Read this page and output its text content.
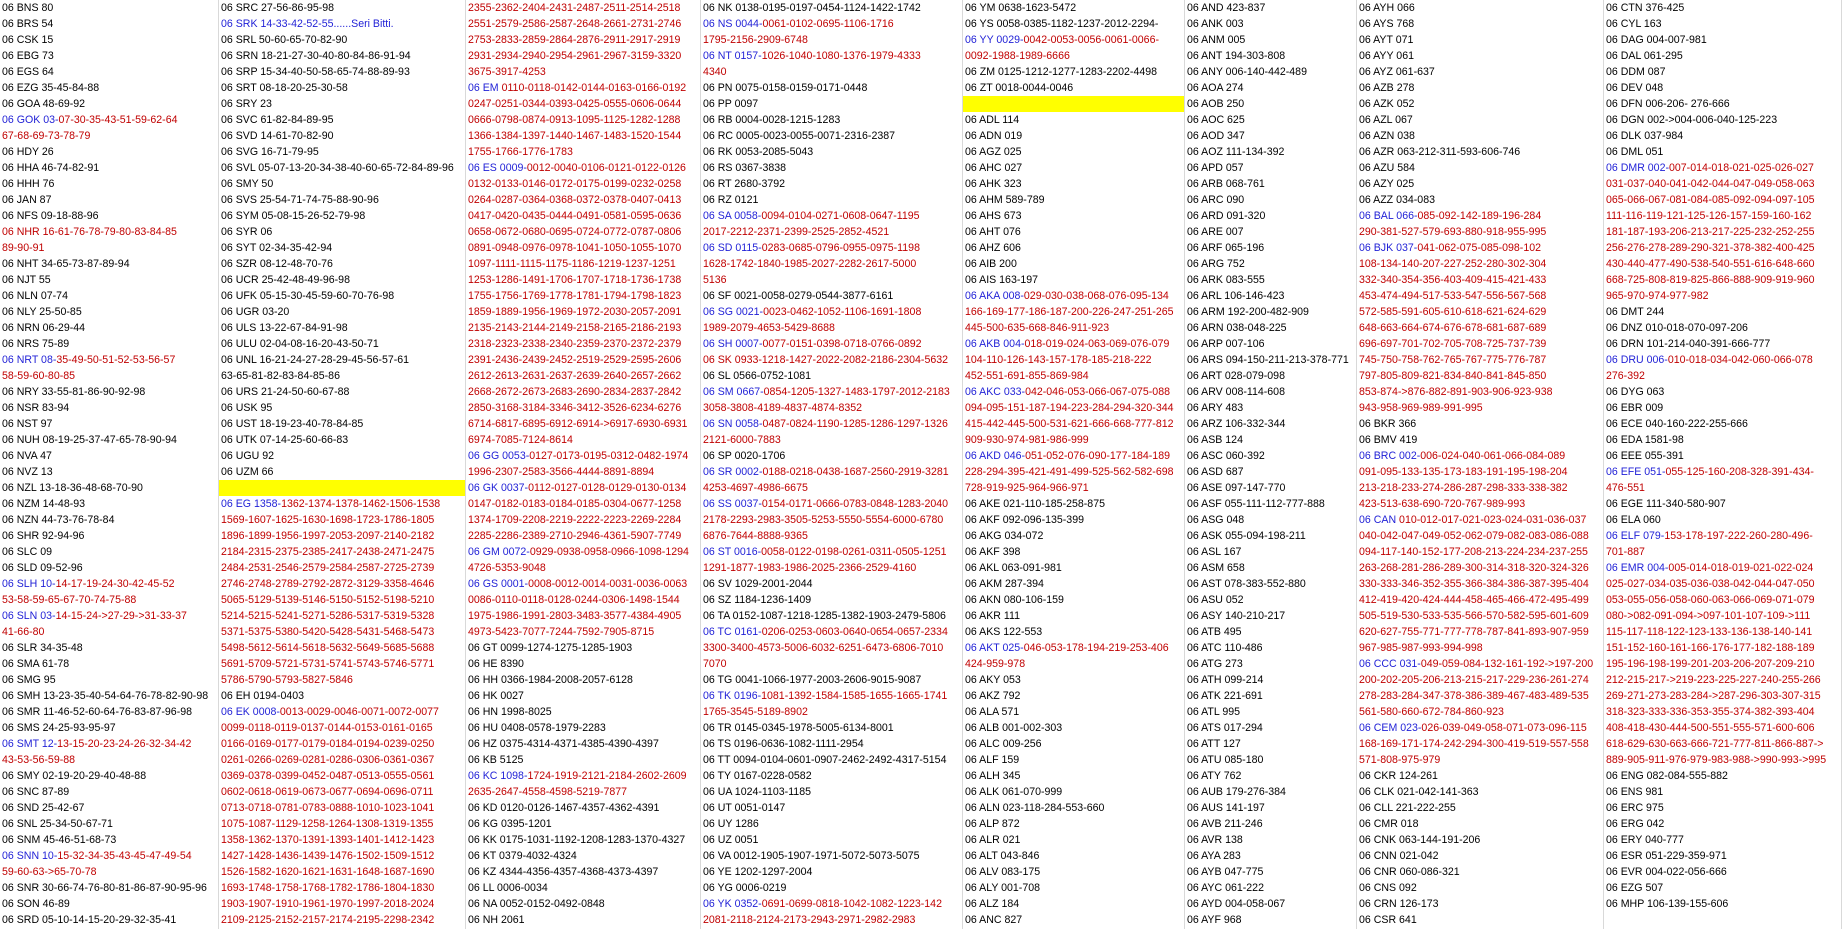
06 BNS 80
06 BRS 54
06 CSK 15
06 EBG 73
06 EGS 64
06 EZG 35-45-84-88
06 GOA 48-69-92
06 GOK 03-07-30-35-43-51-59-62-64
67-68-69-73-78-79
06 HDY 26
06 HHA 46-74-82-91
06 HHH 76
06 JAN 87
06 NFS 09-18-88-96
06 NHR 16-61-76-78-79-80-83-84-85
89-90-91
06 NHT 34-65-73-87-89-94
06 NJT 55
06 NLN 07-74
06 NLY 25-50-85
06 NRN 06-29-44
06 NRS 75-89
06 NRT 08-35-49-50-51-52-53-56-57
58-59-60-80-85
06 NRY 33-55-81-86-90-92-98
06 NSR 83-94
06 NST 97
06 NUH 08-19-25-37-47-65-78-90-94
06 NVA 47
06 NVZ 13
06 NZL 13-18-36-48-68-70-90
06 NZM 14-48-93
06 NZN 44-73-76-78-84
06 SHR 92-94-96
06 SLC 09
06 SLD 09-52-96
06 SLH 10-14-17-19-24-30-42-45-52
53-58-59-65-67-70-74-75-88
06 SLN 03-14-15-24->27-29->31-33-37
41-66-80
06 SLR 34-35-48
06 SMA 61-78
06 SMG 95
06 SMH 13-23-35-40-54-64-76-78-82-90-98
06 SMR 11-46-52-60-64-76-83-87-96-98
06 SMS 24-25-93-95-97
06 SMT 12-13-15-20-23-24-26-32-34-42
43-53-56-59-88
06 SMY 02-19-20-29-40-48-88
06 SNC 87-89
06 SND 25-42-67
06 SNL 25-34-50-67-71
06 SNM 45-46-51-68-73
06 SNN 10-15-32-34-35-43-45-47-49-54
59-60-63->65-70-78
06 SNR 30-66-74-76-80-81-86-87-90-95-96
06 SON 46-89
06 SRD 05-10-14-15-20-29-32-35-41
06 SRC 27-56-86-95-98
06 SRK 14-33-42-52-55......Seri Bitti.
06 SRL 50-60-65-70-82-90
06 SRN 18-21-27-30-40-80-84-86-91-94
06 SRP 15-34-40-50-58-65-74-88-89-93
06 SRT 08-18-20-25-30-58
06 SRY 23
06 SVC 61-82-84-89-95
06 SVD 14-61-70-82-90
06 SVG 16-71-79-95
06 SVL 05-07-13-20-34-38-40-60-65-72-84-89-96
06 SMY 50
06 SVS 25-54-71-74-75-88-90-96
06 SYM 05-08-15-26-52-79-98
06 SYR 06
06 SYT 02-34-35-42-94
06 SZR 08-12-48-70-76
06 UCR 25-42-48-49-96-98
06 UFK 05-15-30-45-59-60-70-76-98
06 UGR 03-20
06 ULS 13-22-67-84-91-98
06 ULU 02-04-08-16-20-43-50-71
06 UNL 16-21-24-27-28-29-45-56-57-61
63-65-81-82-83-84-85-86
06 URS 21-24-50-60-67-88
06 USK 95
06 UST 18-19-23-40-78-84-85
06 UTK 07-14-25-60-66-83
06 UGU 92
06 UZM 66
06 EG 1358-1362-1374-1378-1462-1506-1538
1569-1607-1625-1630-1698-1723-1786-1805
1896-1899-1956-1997-2053-2097-2140-2182
2184-2315-2375-2385-2417-2438-2471-2475
2484-2531-2546-2579-2584-2587-2725-2739
2746-2748-2789-2792-2872-3129-3358-4646
5065-5129-5139-5146-5150-5152-5198-5210
5214-5215-5241-5271-5286-5317-5319-5328
5371-5375-5380-5420-5428-5431-5468-5473
5498-5612-5614-5618-5632-5649-5685-5688
5691-5709-5721-5731-5741-5743-5746-5771
5786-5790-5793-5827-5846
06 EH 0194-0403
06 EK 0008-0013-0029-0046-0071-0072-0077
0099-0118-0119-0137-0144-0153-0161-0165
0166-0169-0177-0179-0184-0194-0239-0250
0261-0266-0269-0281-0286-0306-0361-0367
0369-0378-0399-0452-0487-0513-0555-0561
0602-0618-0619-0673-0677-0694-0696-0711
0713-0718-0781-0783-0888-1010-1023-1041
1075-1087-1129-1258-1264-1308-1319-1355
1358-1362-1370-1391-1393-1401-1412-1423
1427-1428-1436-1439-1476-1502-1509-1512
1526-1582-1620-1621-1631-1648-1687-1690
1693-1748-1758-1768-1782-1786-1804-1830
1903-1907-1910-1961-1970-1997-2018-2024
2109-2125-2152-2157-2174-2195-2298-2342
2355-2362-2404-2431-2487-2511-2514-2518
2551-2579-2586-2587-2648-2661-2731-2746
2753-2833-2859-2864-2876-2911-2917-2919
2931-2934-2940-2954-2961-2967-3159-3320
3675-3917-4253
06 EM 0110-0118-0142-0144-0163-0166-0192
0247-0251-0344-0393-0425-0555-0606-0644
0666-0798-0874-0913-1095-1125-1282-1288
1366-1384-1397-1440-1467-1483-1520-1544
1755-1766-1776-1783
06 ES 0009-0012-0040-0106-0121-0122-0126
0132-0133-0146-0172-0175-0199-0232-0258
0264-0287-0364-0368-0372-0378-0407-0413
0417-0420-0435-0444-0491-0581-0595-0636
0658-0672-0680-0695-0724-0772-0787-0806
0891-0948-0976-0978-1041-1050-1055-1070
1097-1111-1115-1175-1186-1219-1237-1251
1253-1286-1491-1706-1707-1718-1736-1738
1755-1756-1769-1778-1781-1794-1798-1823
1859-1889-1956-1969-1972-2030-2057-2091
2135-2143-2144-2149-2158-2165-2186-2193
2318-2323-2338-2340-2359-2370-2372-2379
2391-2436-2439-2452-2519-2529-2595-2606
2612-2613-2631-2637-2639-2640-2657-2662
2668-2672-2673-2683-2690-2834-2837-2842
2850-3168-3184-3346-3412-3526-6234-6276
6714-6817-6895-6912-6914->6917-6930-6931
6974-7085-7124-8614
06 GG 0053-0127-0173-0195-0312-0482-1974
1996-2307-2583-3566-4444-8891-8894
06 GK 0037-0112-0127-0128-0129-0130-0134
0147-0182-0183-0184-0185-0304-0677-1258
1374-1709-2208-2219-2222-2223-2269-2284
2285-2286-2389-2710-2946-4361-5907-7749
06 GM 0072-0929-0938-0958-0966-1098-1294
4726-5353-9048
06 GS 0001-0008-0012-0014-0031-0036-0063
0086-0110-0118-0128-0244-0306-1498-1544
1975-1986-1991-2803-3483-3577-4384-4905
4973-5423-7077-7244-7592-7905-8715
06 GT 0099-1274-1275-1285-1903
06 HE 8390
06 HH 0366-1984-2008-2057-6128
06 HK 0027
06 HN 1998-8025
06 HU 0408-0578-1979-2283
06 HZ 0375-4314-4371-4385-4390-4397
06 KB 5125
06 KC 1098-1724-1919-2121-2184-2602-2609
2635-2647-4558-4598-5219-7877
06 KD 0120-0126-1467-4357-4362-4391
06 KG 0395-1201
06 KK 0175-1031-1192-1208-1283-1370-4327
06 KT 0379-4032-4324
06 KZ 4344-4356-4357-4368-4373-4397
06 LL 0006-0034
06 NA 0052-0152-0492-0848
06 NH 2061
06 NK 0138-0195-0197-0454-1124-1422-1742
06 NS 0044-0061-0102-0695-1106-1716
1795-2156-2909-6748
06 NT 0157-1026-1040-1080-1376-1979-4333
4340
06 PN 0075-0158-0159-0171-0448
06 PP 0097
06 RB 0004-0028-1215-1283
06 RC 0005-0023-0055-0071-2316-2387
06 RK 0053-2085-5043
06 RS 0367-3838
06 RT 2680-3792
06 RZ 0121
06 SA 0058-0094-0104-0271-0608-0647-1195
2017-2212-2371-2399-2525-2852-4521
06 SD 0115-0283-0685-0796-0955-0975-1198
1628-1742-1840-1985-2027-2282-2617-5000
5136
06 SF 0021-0058-0279-0544-3877-6161
06 SG 0021-0023-0462-1052-1106-1691-1808
1989-2079-4653-5429-8688
06 SH 0007-0077-0151-0398-0718-0766-0892
06 SK 0933-1218-1427-2022-2082-2186-2304-5632
06 SL 0566-0752-1081
06 SM 0667-0854-1205-1327-1483-1797-2012-2183
3058-3808-4189-4837-4874-8352
06 SN 0058-0487-0824-1190-1285-1286-1297-1326
2121-6000-7883
06 SP 0020-1706
06 SR 0002-0188-0218-0438-1687-2560-2919-3281
4253-4697-4986-6675
06 SS 0037-0154-0171-0666-0783-0848-1283-2040
2178-2293-2983-3505-5253-5550-5554-6000-6780
6876-7644-8888-9365
06 ST 0016-0058-0122-0198-0261-0311-0505-1251
1291-1877-1983-1986-2025-2366-2529-4160
06 SV 1029-2001-2044
06 SZ 1184-1236-1409
06 TA 0152-1087-1218-1285-1382-1903-2479-5806
06 TC 0161-0206-0253-0603-0640-0654-0657-2334
3300-3400-4573-5006-6032-6251-6473-6806-7010
7070
06 TG 0041-1066-1977-2003-2606-9015-9087
06 TK 0196-1081-1392-1584-1585-1655-1665-1741
1765-3545-5189-8902
06 TR 0145-0345-1978-5005-6134-8001
06 TS 0196-0636-1082-1111-2954
06 TT 0094-0104-0601-0907-2462-2492-4317-5154
06 TY 0167-0228-0582
06 UA 1024-1103-1185
06 UT 0051-0147
06 UY 1286
06 UZ 0051
06 VA 0012-1905-1907-1971-5072-5073-5075
06 YE 1202-1297-2004
06 YG 0006-0219
06 YK 0352-0691-0699-0818-1042-1082-1223-142
2081-2118-2124-2173-2943-2971-2982-2983
06 YM 0638-1623-5472
06 YS 0058-0385-1182-1237-2012-2294-
06 YY 0029-0042-0053-0056-0061-0066-
0092-1988-1989-6666
06 ZM 0125-1212-1277-1283-2202-4498
06 ZT 0018-0044-0046
06 ADL 114
06 ADN 019
06 AGZ 025
06 AHC 027
06 AHK 323
06 AHM 589-789
06 AHS 673
06 AHT 076
06 AHZ 606
06 AIB 200
06 AIS 163-197
06 AKA 008-029-030-038-068-076-095-134
166-169-177-186-187-200-226-247-251-265
445-500-635-668-846-911-923
06 AKB 004-018-019-024-063-069-076-079
104-110-126-143-157-178-185-218-222
452-551-691-855-869-984
06 AKC 033-042-046-053-066-067-075-088
094-095-151-187-194-223-284-294-320-344
415-442-445-500-531-621-666-668-777-812
909-930-974-981-986-999
06 AKD 046-051-052-076-090-177-184-189
228-294-395-421-491-499-525-562-582-698
728-919-925-964-966-971
06 AKE 021-110-185-258-875
06 AKF 092-096-135-399
06 AKG 034-072
06 AKF 398
06 AKL 063-091-981
06 AKM 287-394
06 AKN 080-106-159
06 AKR 111
06 AKS 122-553
06 AKT 025-046-053-178-194-219-253-406
424-959-978
06 AKY 053
06 AKZ 792
06 ALA 571
06 ALB 001-002-303
06 ALC 009-256
06 ALF 159
06 ALH 345
06 ALK 061-070-999
06 ALN 023-118-284-553-660
06 ALP 872
06 ALR 021
06 ALT 043-846
06 ALV 083-175
06 ALY 001-708
06 ALZ 184
06 ANC 827
06 AND 423-837
06 ANK 003
06 ANM 005
06 ANT 194-303-808
06 ANY 006-140-442-489
06 AOA 274
06 AOB 250
06 AOC 625
06 AOD 347
06 AOZ 111-134-392
06 APD 057
06 ARB 068-761
06 ARC 090
06 ARD 091-320
06 ARE 007
06 ARF 065-196
06 ARG 752
06 ARK 083-555
06 ARL 106-146-423
06 ARM 192-200-482-909
06 ARN 038-048-225
06 ARP 007-106
06 ARS 094-150-211-213-378-771
06 ART 028-079-098
06 ARV 008-114-608
06 ARY 483
06 ARZ 106-332-344
06 ASB 124
06 ASC 060-392
06 ASD 687
06 ASE 097-147-770
06 ASF 055-111-112-777-888
06 ASG 048
06 ASK 055-094-198-211
06 ASL 167
06 ASM 658
06 AST 078-383-552-880
06 ASU 052
06 ASY 140-210-217
06 ATB 495
06 ATC 110-486
06 ATG 273
06 ATH 099-214
06 ATK 221-691
06 ATL 995
06 ATS 017-294
06 ATT 127
06 ATU 085-180
06 ATY 762
06 AUB 179-276-384
06 AUS 141-197
06 AVB 211-246
06 AVR 138
06 AYA 283
06 AYB 047-775
06 AYC 061-222
06 AYD 004-058-067
06 AYF 968
06 AYH 066
06 AYS 768
06 AYT 071
06 AYY 061
06 AYZ 061-637
06 AZB 278
06 AZK 052
06 AZL 067
06 AZN 038
06 AZR 063-212-311-593-606-746
06 AZU 584
06 AZY 025
06 AZZ 034-083
06 BAL 066-085-092-142-189-196-284
290-381-527-579-693-880-918-955-995
06 BJK 037-041-062-075-085-098-102
108-134-140-207-227-252-280-302-304
332-340-354-356-403-409-415-421-433
453-474-494-517-533-547-556-567-568
572-585-591-605-610-618-621-624-629
648-663-664-674-676-678-681-687-689
696-697-701-702-705-708-725-737-739
745-750-758-762-765-767-775-776-787
797-805-809-821-834-840-841-845-850
853-874->876-882-891-903-906-923-938
943-958-969-989-991-995
06 BKR 366
06 BMV 419
06 BRC 002-006-024-040-061-066-084-089
091-095-133-135-173-183-191-195-198-204
213-218-233-274-286-287-298-333-338-382
423-513-638-690-720-767-989-993
06 CAN 010-012-017-021-023-024-031-036-037
040-042-047-049-052-062-079-082-083-086-088
094-117-140-152-177-208-213-224-234-237-255
263-268-281-286-289-300-314-318-320-324-326
330-333-346-352-355-366-384-386-387-395-404
412-419-420-424-444-458-465-466-472-495-499
505-519-530-533-535-566-570-582-595-601-609
620-627-755-771-777-778-787-841-893-907-959
967-985-987-993-994-998
06 CCC 031-049-059-084-132-161-192->197-200
200-202-205-206-213-215-217-229-236-261-274
278-283-284-347-378-386-389-467-483-489-535
561-580-660-672-784-860-923
06 CEM 023-026-039-049-058-071-073-096-115
168-169-171-174-242-294-300-419-519-557-558
571-808-975-979
06 CKR 124-261
06 CLK 021-042-141-363
06 CLL 221-222-255
06 CMR 018
06 CNK 063-144-191-206
06 CNN 021-042
06 CNR 060-086-321
06 CNS 092
06 CRN 126-173
06 CSR 641
06 CTN 376-425
06 CYL 163
06 DAG 004-007-981
06 DAL 061-295
06 DDM 087
06 DEV 048
06 DFN 006-206- 276-666
06 DGN 002->004-006-040-125-223
06 DLK 037-984
06 DML 051
06 DMR 002-007-014-018-021-025-026-027
031-037-040-041-042-044-047-049-058-063
065-066-067-081-084-085-092-094-097-105
111-116-119-121-125-126-157-159-160-162
181-187-193-206-213-217-225-232-252-255
256-276-278-289-290-321-378-382-400-425
430-440-477-490-538-540-551-616-648-660
668-725-808-819-825-866-888-909-919-960
965-970-974-977-982
06 DMT 244
06 DNZ 010-018-070-097-206
06 DRN 101-214-040-391-666-777
06 DRU 006-010-018-034-042-060-066-078
276-392
06 DYG 063
06 EBR 009
06 ECE 040-160-222-255-666
06 EDA 1581-98
06 EEE 055-391
06 EFE 051-055-125-160-208-328-391-434-
476-551
06 EGE 111-340-580-907
06 ELA 060
06 ELF 079-153-178-197-222-260-280-496-
701-887
06 EMR 004-005-014-018-019-021-022-024
025-027-034-035-036-038-042-044-047-050
053-055-056-058-060-063-066-069-071-079
080->082-091-094->097-101-107-109->111
115-117-118-122-123-133-136-138-140-141
151-152-160-161-166-176-177-182-188-189
195-196-198-199-201-203-206-207-209-210
212-215-217->219-223-225-227-240-255-266
269-271-273-283-284->287-296-303-307-315
318-323-333-336-353-355-374-382-393-404
408-418-430-444-500-551-555-571-600-606
618-629-630-663-666-721-777-811-866-887->
889-905-911-976-979-983-988->990-993->995
06 ENG 082-084-555-882
06 ENS 981
06 ERC 975
06 ERG 042
06 ERY 040-777
06 ESR 051-229-359-971
06 EVR 004-022-056-666
06 EZG 507
06 MHP 106-139-155-606
